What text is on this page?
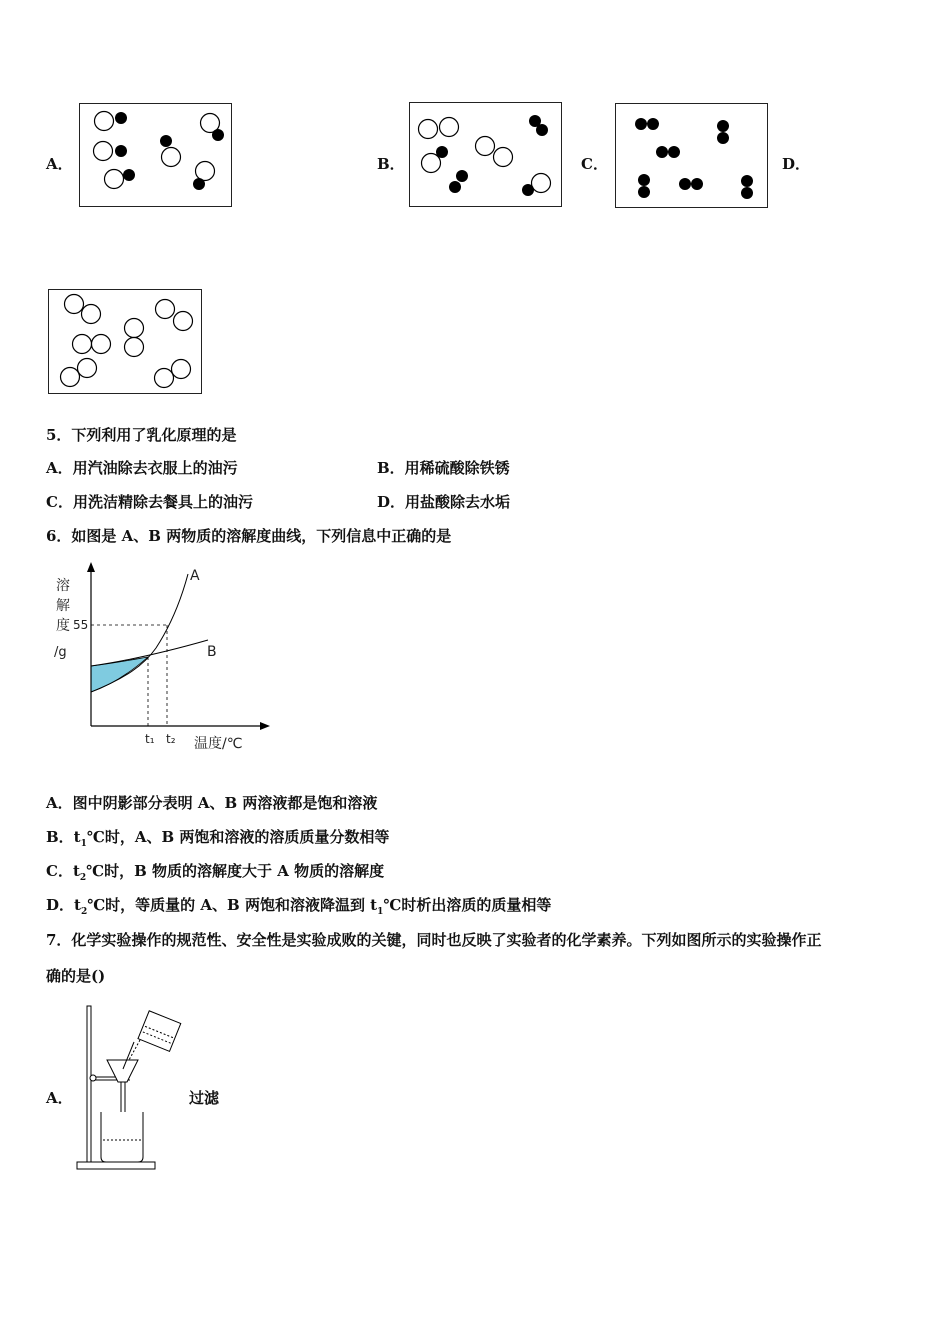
A．	B．	C．	D．
5．下列利用了乳化原理的是
A．用汽油除去衣服上的油污	B．用稀硫酸除铁锈
C．用洗洁精除去餐具上的油污	D．用盐酸除去水垢
6．如图是 A、B 两物质的溶解度曲线，下列信息中正确的是
溶
解
度
/g
55
A
B
t₁ t₂ 温度/℃
A．图中阴影部分表明 A、B 两溶液都是饱和溶液
B．$t_1℃$时，A、B 两饱和溶液的溶质质量分数相等
C．$t_2℃$时，B 物质的溶解度大于 A 物质的溶解度
D．$t_2℃$时，等质量的 A、B 两饱和溶液降温到 $t_1℃$时析出溶质的质量相等
7．化学实验操作的规范性、安全性是实验成败的关键，同时也反映了实验者的化学素养。下列如图所示的实验操作正
确的是()
A．	过滤
